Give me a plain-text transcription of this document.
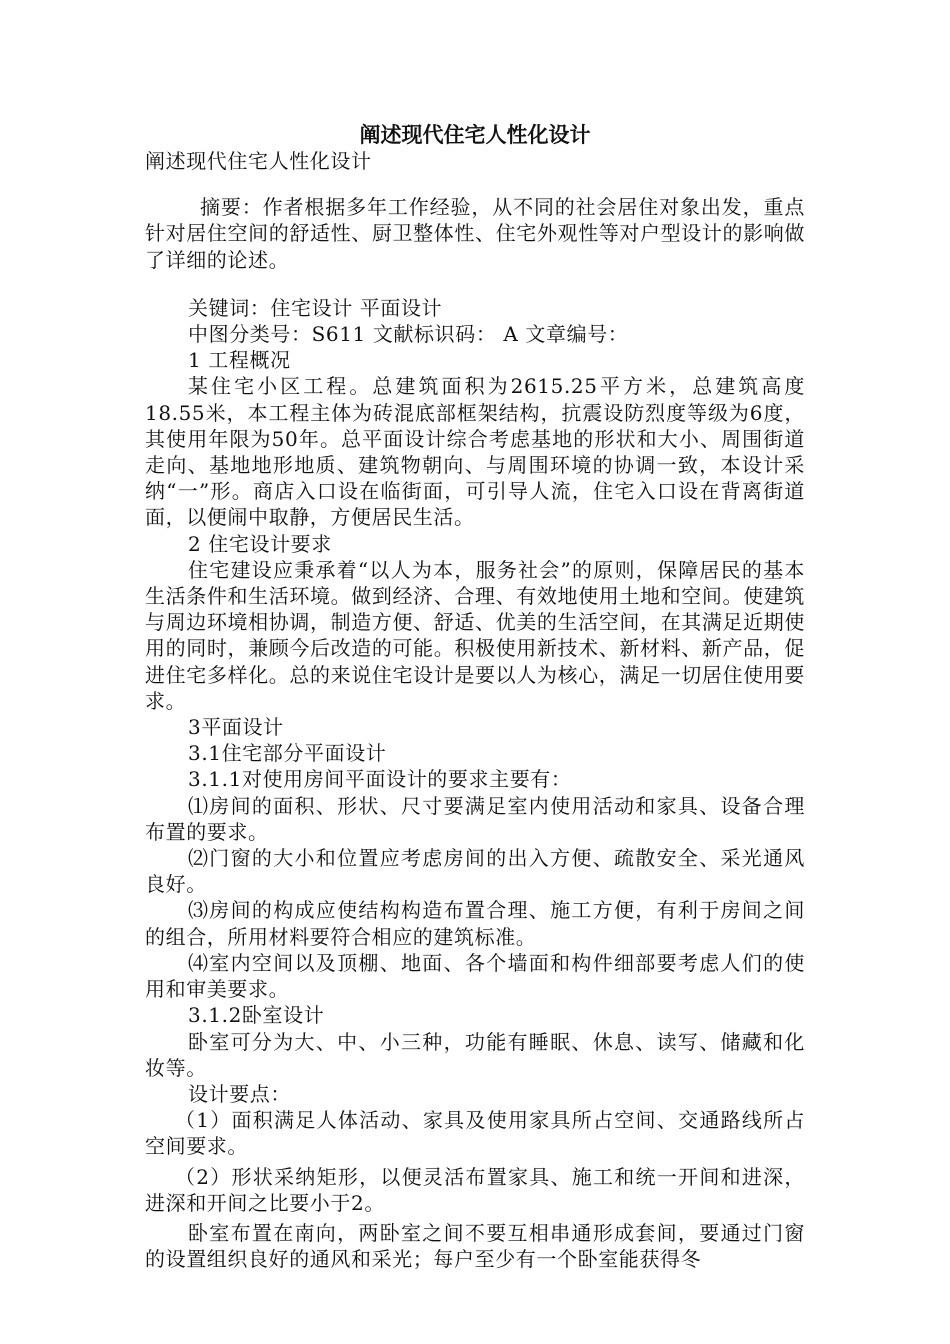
阐述现代住宅人性化设计

阐述现代住宅人性化设计

摘要：作者根据多年工作经验，从不同的社会居住对象出发，重点针对居住空间的舒适性、厨卫整体性、住宅外观性等对户型设计的影响做了详细的论述。

关键词：住宅设计 平面设计

中图分类号：S611 文献标识码： A 文章编号：

1 工程概况

某住宅小区工程。总建筑面积为2615.25平方米，总建筑高度18.55米，本工程主体为砖混底部框架结构，抗震设防烈度等级为6度，其使用年限为50年。总平面设计综合考虑基地的形状和大小、周围街道走向、基地地形地质、建筑物朝向、与周围环境的协调一致，本设计采纳“一”形。商店入口设在临街面，可引导人流，住宅入口设在背离街道面，以便闹中取静，方便居民生活。

2 住宅设计要求

住宅建设应秉承着“以人为本，服务社会”的原则，保障居民的基本生活条件和生活环境。做到经济、合理、有效地使用土地和空间。使建筑与周边环境相协调，制造方便、舒适、优美的生活空间，在其满足近期使用的同时，兼顾今后改造的可能。积极使用新技术、新材料、新产品，促进住宅多样化。总的来说住宅设计是要以人为核心，满足一切居住使用要求。

3平面设计

3.1住宅部分平面设计

3.1.1对使用房间平面设计的要求主要有：

⑴房间的面积、形状、尺寸要满足室内使用活动和家具、设备合理布置的要求。

⑵门窗的大小和位置应考虑房间的出入方便、疏散安全、采光通风良好。

⑶房间的构成应使结构构造布置合理、施工方便，有利于房间之间的组合，所用材料要符合相应的建筑标准。

⑷室内空间以及顶棚、地面、各个墙面和构件细部要考虑人们的使用和审美要求。

3.1.2卧室设计

卧室可分为大、中、小三种，功能有睡眠、休息、读写、储藏和化妆等。

设计要点：

（1）面积满足人体活动、家具及使用家具所占空间、交通路线所占空间要求。

（2）形状采纳矩形，以便灵活布置家具、施工和统一开间和进深，进深和开间之比要小于2。

卧室布置在南向，两卧室之间不要互相串通形成套间，要通过门窗的设置组织良好的通风和采光；每户至少有一个卧室能获得冬
